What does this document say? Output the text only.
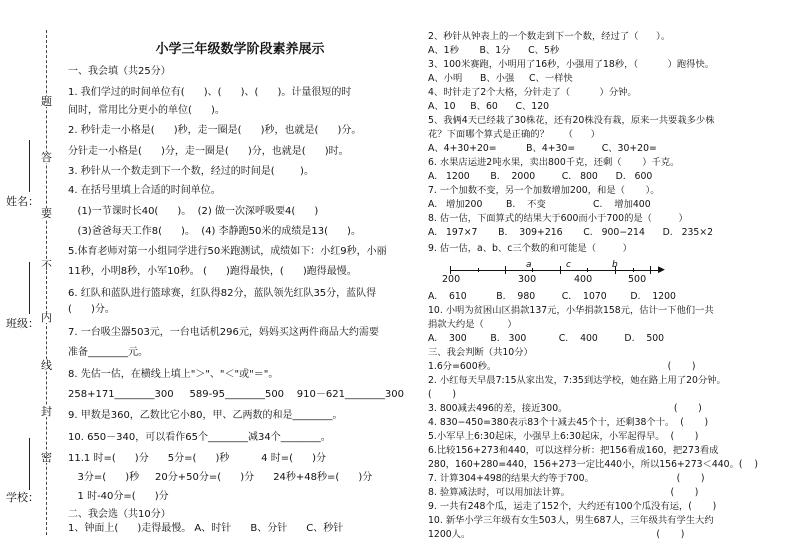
题
答
要
不
内
线
封
密
学校：
班级：
姓名：
小学三年级数学阶段素养展示
一、我会填（共25分）
1. 我们学过的时间单位有(      )、(      )、(      )。计量很短的时
间时，常用比分更小的单位(      )。
2. 秒针走一小格是(      )秒，走一圈是(      )秒，也就是(      )分。
分针走一小格是(      )分，走一圈是(      )分，也就是(      )时。
3. 秒针从一个数走到下一个数，经过的时间是(        )。
4. 在括号里填上合适的时间单位。
(1)一节课时长40(      )。  (2) 做一次深呼吸要4(      )
(3)爸爸每天工作8(      )。  (4) 李静跑50米的成绩是13(      )。
5.体育老师对第一小组同学进行50米跑测试，成绩如下：小红9秒，小丽
11秒，小明8秒，小军10秒。 (      )跑得最快，(      )跑得最慢。
6. 红队和蓝队进行篮球赛，红队得82分，蓝队领先红队35分，蓝队得
(      )分。
7. 一台吸尘器503元，一台电话机296元，妈妈买这两件商品大约需要
准备________元。
8. 先估一估，在横线上填上"＞"、"＜"或"＝"。
258+171________300     589-95________500    910－621________300
9. 甲数是360，乙数比它小80，甲、乙两数的和是________。
10. 650－340，可以看作65个________减34个________。
11.1 时=(      )分      5分=(      )秒          4 时=(      )分
3分=(      )秒     20分+50分=(      )分      24秒+48秒=(      )分
1 时-40分=(      )分
二、我会选（共10分）
1、钟面上(      )走得最慢。 A、时针      B、分针      C、秒针
2、秒针从钟表上的一个数走到下一个数，经过了（      ）。
A、1秒       B、1分      C、5秒
3、100米赛跑，小明用了16秒，小强用了18秒，（          ）跑得快。
A、小明      B、小强     C、一样快
4、时针走了2个大格，分针走了（          ）分钟。
A、10     B、60      C、120
5、我俩4天已经栽了30株花，还有20株没有栽，原来一共要栽多少株
花？下面哪个算式是正确的？     （      ）
A、4+30+20=          B、4+30=         C、30+20=
6. 水果店运进2吨水果，卖出800千克，还剩（       ）千克。
A.   1200       B.    2000         C.   800      D.   600
7. 一个加数不变，另一个加数增加200，和是（       ）。
A.   增加200        B.    不变                C.    增加400
8. 估一估，下面算式的结果大于600而小于700的是（         ）
A.   197×7       B.    309+216       C.   900−214      D.   235×2
9. 估一估，a、b、c三个数的和可能是（         ）
A.    610          B.    980         C.    1070        D.    1200
10. 小明为贫困山区捐款137元，小华捐款158元，估计一下他们一共
捐款大约是（        ）
A.    300        B.   300           C.    400         D.    500
三、我会判断（共10分）
1.6分=600秒。                                                          (       )
2. 小红每天早晨7:15从家出发，7:35到达学校，她在路上用了20分钟。
(       )
3. 800减去496的差，接近300。                                    (       )
4. 830−450=380表示83个十减去45个十，还剩38个十。  (       )
5.小军早上6:30起床，小强早上6:30起床，小军起得早。  (       )
6.比较156+273和440，可以这样分析：把156看成160，把273看成
280，160+280=440，156+273一定比440小，所以156+273＜440。(    )
7. 计算304+498的结果大约等于700。                            (       )
8. 验算减法时，可以用加法计算。                                  (       )
9. 一共有248个瓜，运走了152个，大约还有100个瓜没有运，(       )
10. 新华小学三年级有女生503人，男生687人，三年级共有学生大约
1200人。                                                               (       )
▶
200	300	400	500
a	c	b
